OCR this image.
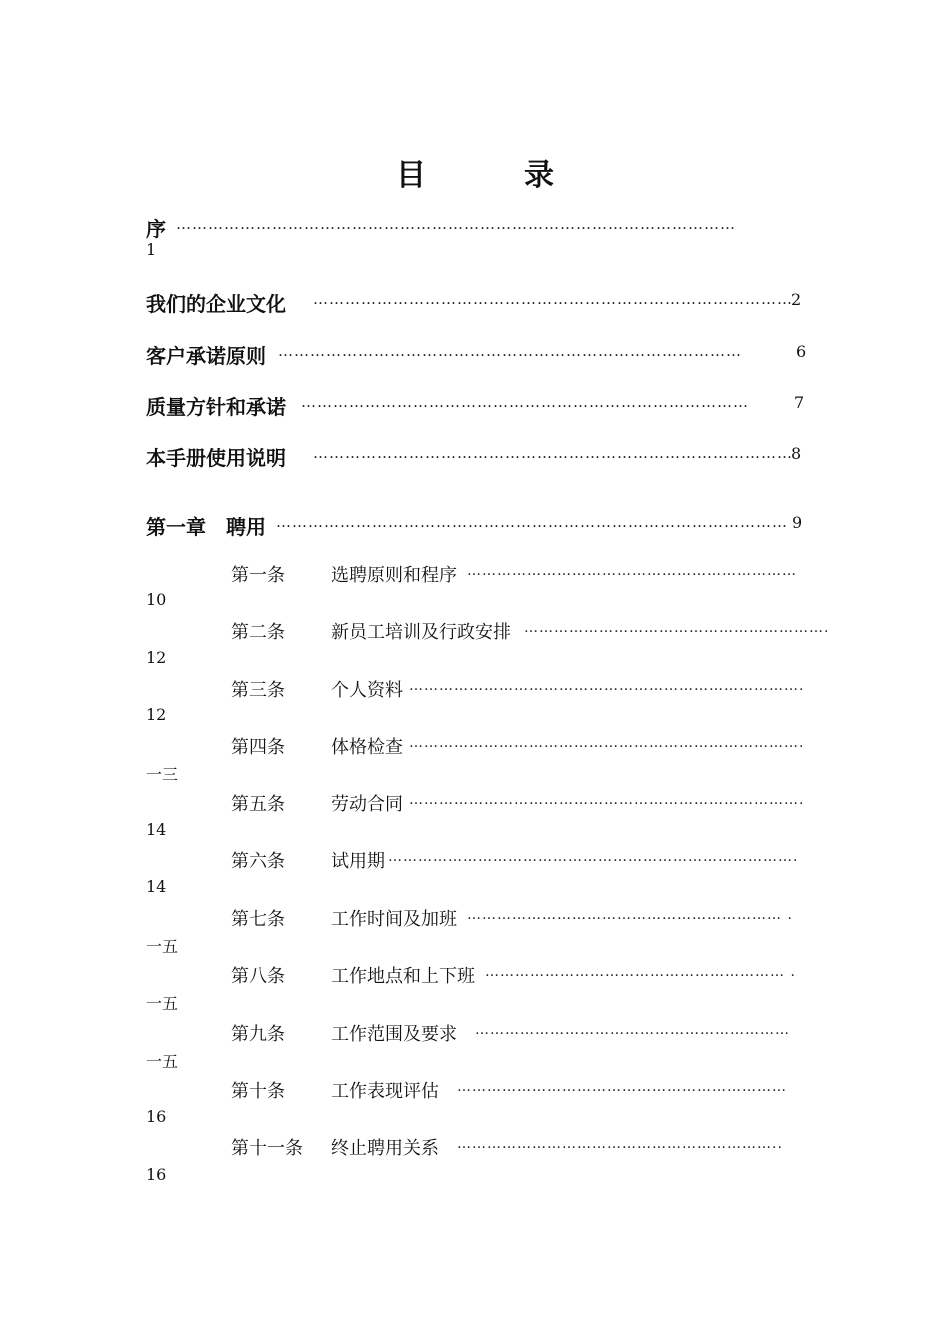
目　录
序 ……………………………………………………………………………………………
1
我们的企业文化 ………………………………………………………………………………
2
客户承诺原则 ……………………………………………………………………………	6
质量方针和承诺 …………………………………………………………………………	7
本手册使用说明 ………………………………………………………………………………
8
第一章　聘用 …………………………………………………………………………………… 9
第一条	选聘原则和程序 …………………………………………………………
10
第二条	新员工培训及行政安排 …………………………………………………….
12
第三条	个人资料 …………………………………………………………………….
12
第四条	体格检查 …………………………………………………………………….
一三
第五条	劳动合同 …………………………………………………………………….
14
第六条	试用期 ……………………………………………………………………….
14
第七条	工作时间及加班 ……………………………………………………… .
一五
第八条	工作地点和上下班 …………………………………………………… .
一五
第九条	工作范围及要求 ………………………………………………………
一五
第十条	工作表现评估 …………………………………………………………
16
第十一条 终止聘用关系 ………………………………………………………..
16
